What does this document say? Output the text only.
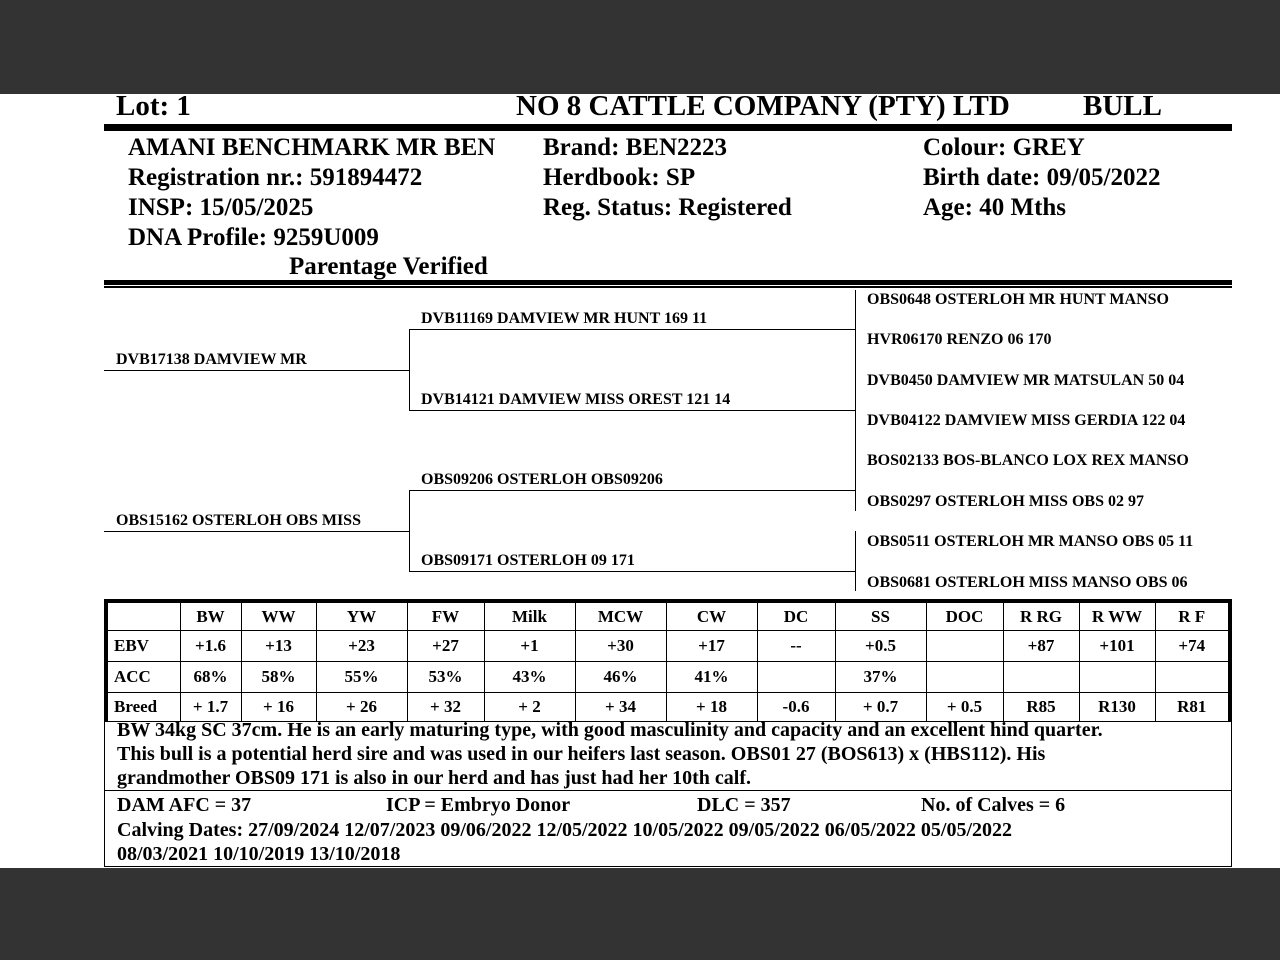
Lot: 1	NO 8 CATTLE COMPANY (PTY) LTD	BULL
AMANI BENCHMARK MR BEN
Registration nr.: 591894472
INSP: 15/05/2025
DNA Profile: 9259U009
Parentage Verified
Brand: BEN2223
Herdbook: SP
Reg. Status: Registered
Colour: GREY
Birth date: 09/05/2022
Age: 40 Mths
DVB17138 DAMVIEW MR
OBS15162 OSTERLOH OBS MISS
DVB11169 DAMVIEW MR HUNT 169 11
DVB14121 DAMVIEW MISS OREST 121 14
OBS09206 OSTERLOH OBS09206
OBS09171 OSTERLOH 09 171
OBS0648 OSTERLOH MR HUNT MANSO
HVR06170 RENZO 06 170
DVB0450 DAMVIEW MR MATSULAN 50 04
DVB04122 DAMVIEW MISS GERDIA 122 04
BOS02133 BOS-BLANCO LOX REX MANSO
OBS0297 OSTERLOH MISS OBS 02 97
OBS0511 OSTERLOH MR MANSO OBS 05 11
OBS0681 OSTERLOH MISS MANSO OBS 06
	BW	WW	YW	FW	Milk	MCW	CW	DC	SS	DOC	R RG	R WW	R F
EBV	+1.6	+13	+23	+27	+1	+30	+17	--	+0.5		+87	+101	+74
ACC	68%	58%	55%	53%	43%	46%	41%		37%				
Breed	+ 1.7	+ 16	+ 26	+ 32	+ 2	+ 34	+ 18	-0.6	+ 0.7	+ 0.5	R85	R130	R81
BW 34kg SC 37cm. He is an early maturing type, with good masculinity and capacity and an excellent hind quarter.
This bull is a potential herd sire and was used in our heifers last season. OBS01 27 (BOS613) x (HBS112). His
grandmother OBS09 171 is also in our herd and has just had her 10th calf.
DAM AFC = 37	ICP = Embryo Donor	DLC = 357	No. of Calves = 6
Calving Dates: 27/09/2024 12/07/2023 09/06/2022 12/05/2022 10/05/2022 09/05/2022 06/05/2022 05/05/2022
08/03/2021 10/10/2019 13/10/2018
